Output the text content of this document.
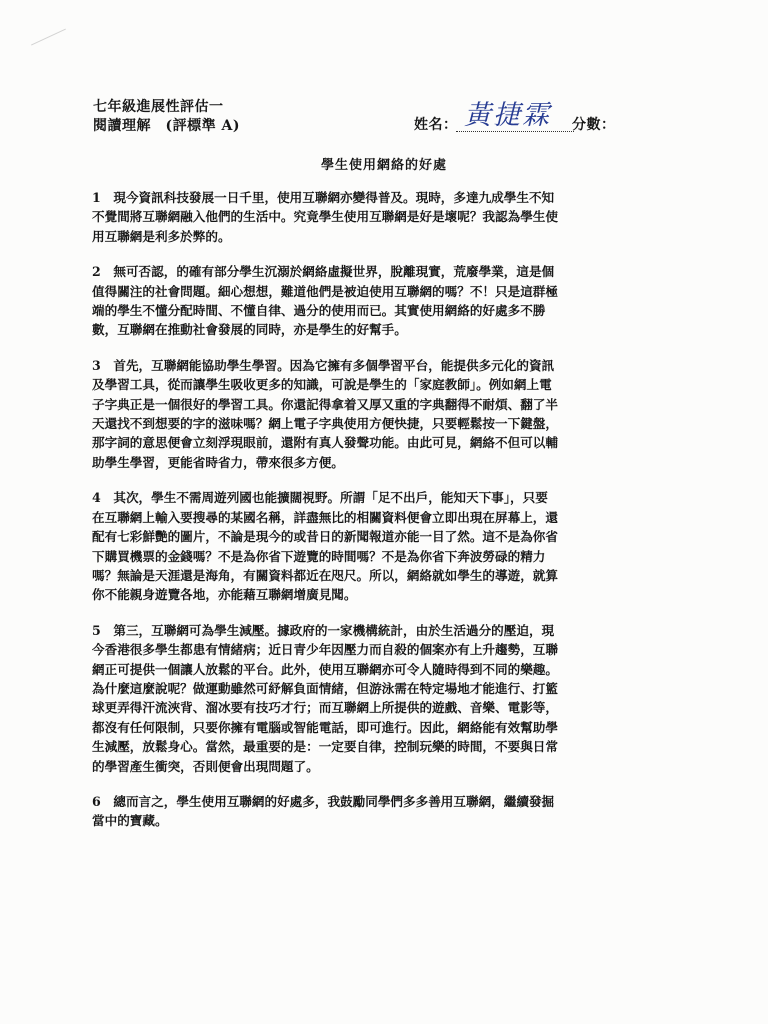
七年級進展性評估一
閱讀理解　(評標準 A)	姓名： 黃捷霖 分數：
學生使用網絡的好處
1　現今資訊科技發展一日千里，使用互聯網亦變得普及。現時，多達九成學生不知
不覺間將互聯網融入他們的生活中。究竟學生使用互聯網是好是壞呢？我認為學生使
用互聯網是利多於弊的。
2　無可否認，的確有部分學生沉溺於網絡虛擬世界，脫離現實，荒廢學業，這是個
值得關注的社會問題。細心想想，難道他們是被迫使用互聯網的嗎？不！只是這群極
端的學生不懂分配時間、不懂自律、過分的使用而已。其實使用網絡的好處多不勝
數，互聯網在推動社會發展的同時，亦是學生的好幫手。
3　首先，互聯網能協助學生學習。因為它擁有多個學習平台，能提供多元化的資訊
及學習工具，從而讓學生吸收更多的知識，可說是學生的「家庭教師」。例如網上電
子字典正是一個很好的學習工具。你還記得拿着又厚又重的字典翻得不耐煩、翻了半
天還找不到想要的字的滋味嗎？網上電子字典使用方便快捷，只要輕鬆按一下鍵盤，
那字詞的意思便會立刻浮現眼前，還附有真人發聲功能。由此可見，網絡不但可以輔
助學生學習，更能省時省力，帶來很多方便。
4　其次，學生不需周遊列國也能擴闊視野。所謂「足不出戶，能知天下事」，只要
在互聯網上輸入要搜尋的某國名稱，詳盡無比的相關資料便會立即出現在屏幕上，還
配有七彩鮮艷的圖片，不論是現今的或昔日的新聞報道亦能一目了然。這不是為你省
下購買機票的金錢嗎？不是為你省下遊覽的時間嗎？不是為你省下奔波勞碌的精力
嗎？無論是天涯還是海角，有關資料都近在咫尺。所以，網絡就如學生的導遊，就算
你不能親身遊覽各地，亦能藉互聯網增廣見聞。
5　第三，互聯網可為學生減壓。據政府的一家機構統計，由於生活過分的壓迫，現
今香港很多學生都患有情緒病；近日青少年因壓力而自殺的個案亦有上升趨勢，互聯
網正可提供一個讓人放鬆的平台。此外，使用互聯網亦可令人隨時得到不同的樂趣。
為什麼這麼說呢？做運動雖然可紓解負面情緒，但游泳需在特定場地才能進行、打籃
球更弄得汗流浹背、溜冰要有技巧才行；而互聯網上所提供的遊戲、音樂、電影等，
都沒有任何限制，只要你擁有電腦或智能電話，即可進行。因此，網絡能有效幫助學
生減壓，放鬆身心。當然，最重要的是：一定要自律，控制玩樂的時間，不要與日常
的學習產生衝突，否則便會出現問題了。
6　總而言之，學生使用互聯網的好處多，我鼓勵同學們多多善用互聯網，繼續發掘
當中的寶藏。
